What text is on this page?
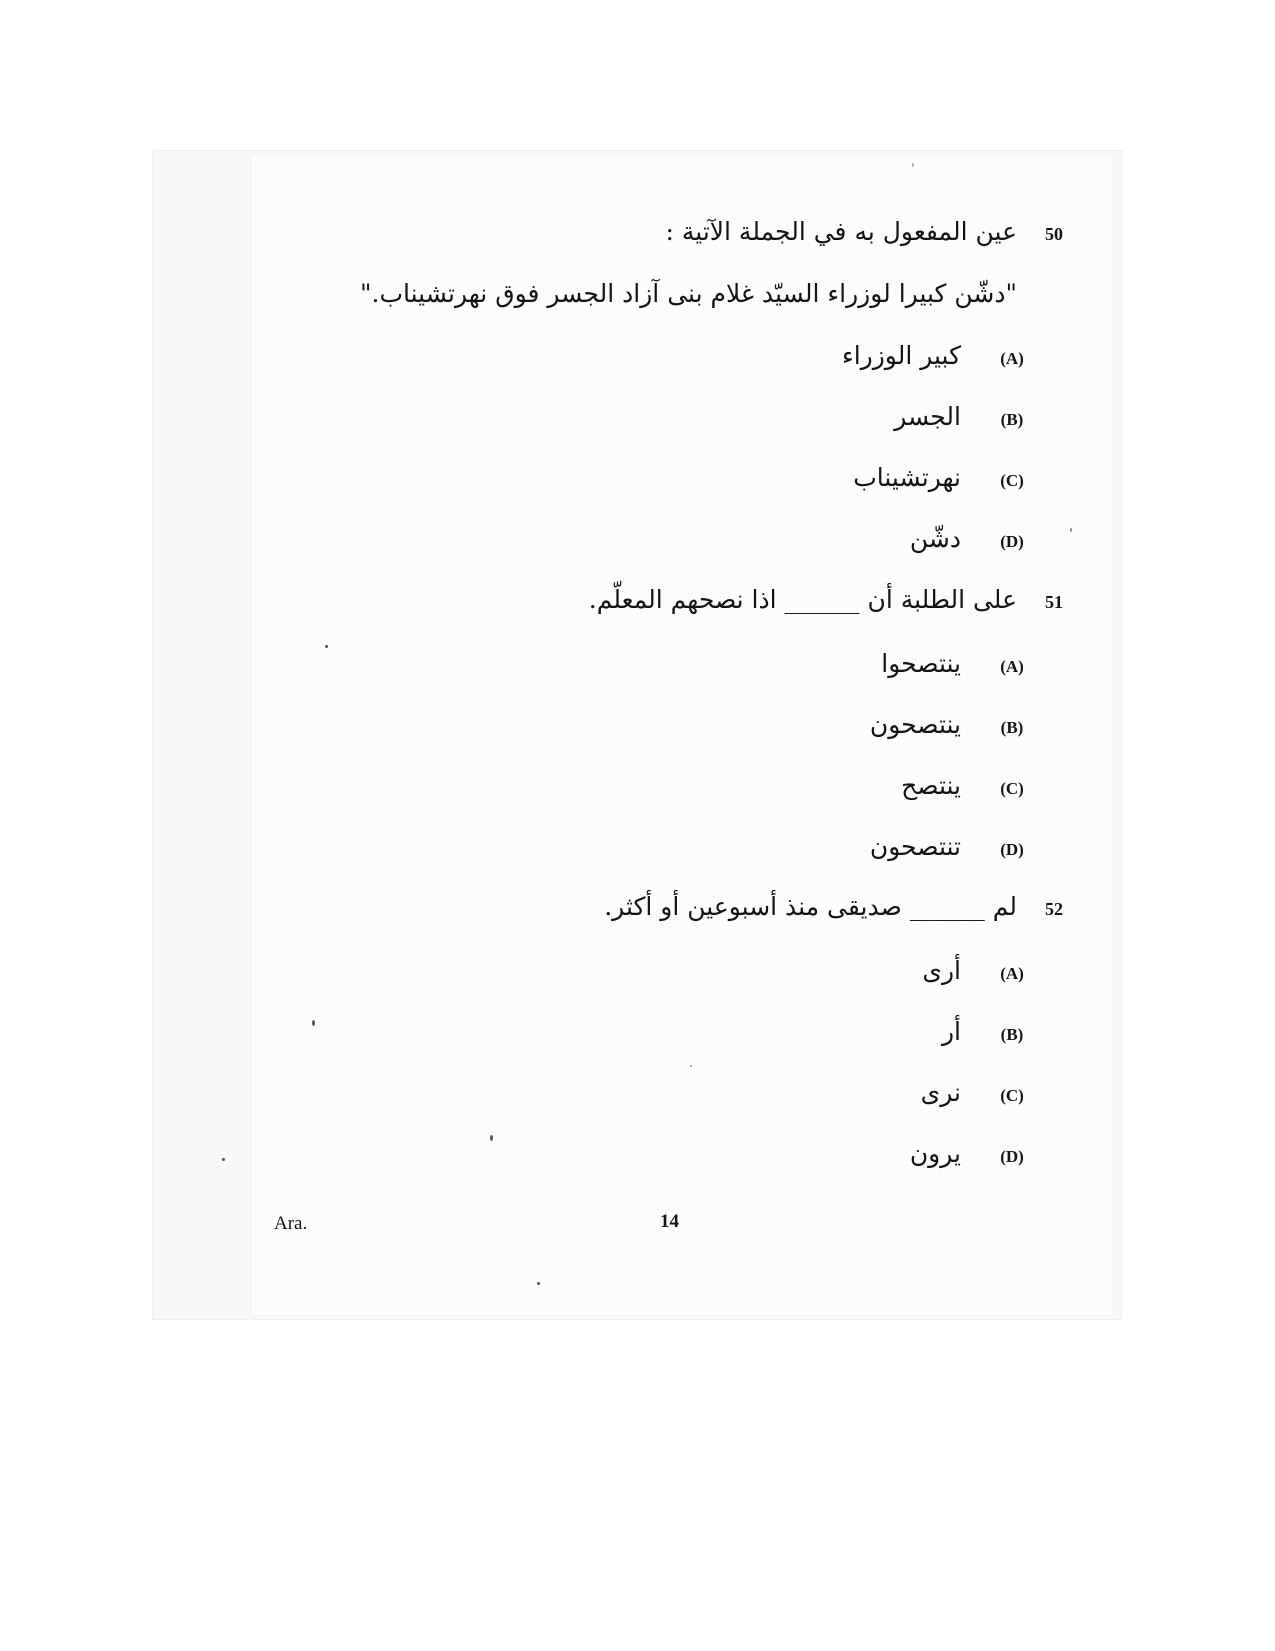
50
عين المفعول به في الجملة الآتية :
"دشّن كبيرا لوزراء السيّد غلام بنى آزاد الجسر فوق نهرتشيناب."
(A)
كبير الوزراء
(B)
الجسر
(C)
نهرتشيناب
(D)
دشّن
51
على الطلبة أن ______ اذا نصحهم المعلّم.
(A)
ينتصحوا
(B)
ينتصحون
(C)
ينتصح
(D)
تنتصحون
52
لم ______ صديقى منذ أسبوعين أو أكثر.
(A)
أرى
(B)
أر
(C)
نرى
(D)
يرون
Ara.	14
